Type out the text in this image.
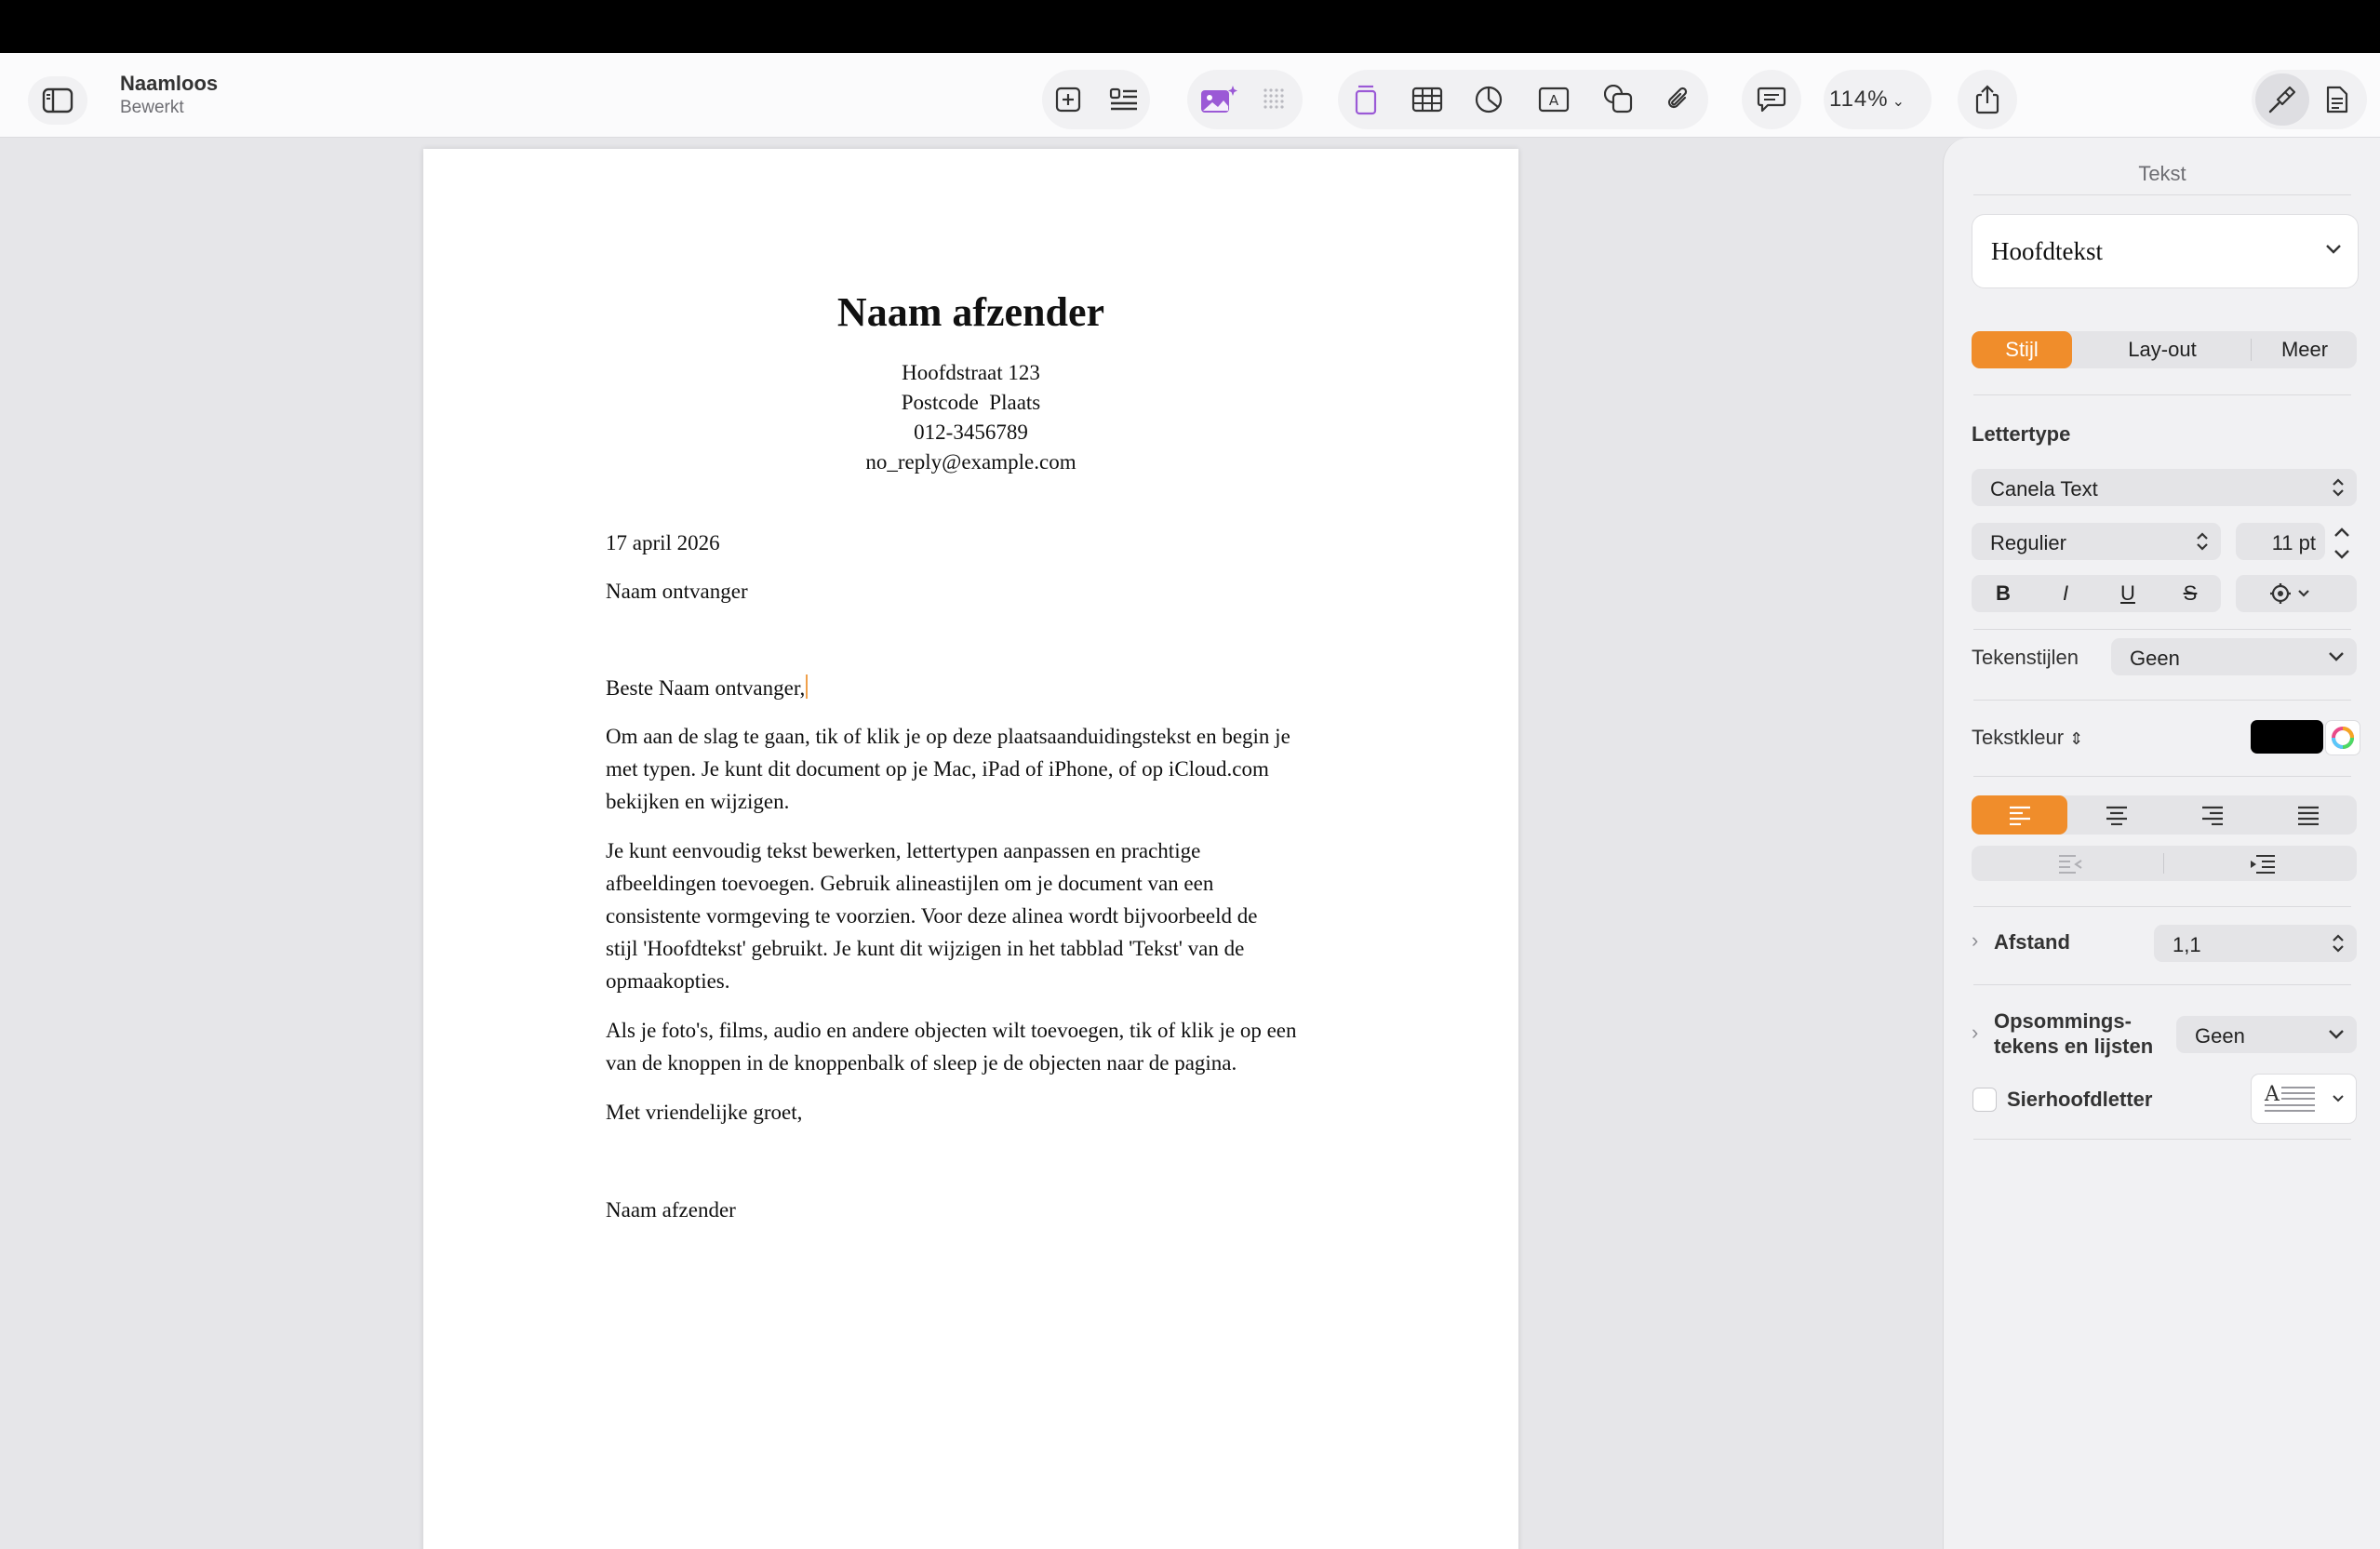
Naamloos
Bewerkt	A	114% ⌄
Naam afzender
Hoofdstraat 123
Postcode  Plaats
012-3456789
no_reply@example.com
17 april 2026
Naam ontvanger
Beste Naam ontvanger,
Om aan de slag te gaan, tik of klik je op deze plaatsaanduidingstekst en begin je
met typen. Je kunt dit document op je Mac, iPad of iPhone, of op iCloud.com
bekijken en wijzigen.
Je kunt eenvoudig tekst bewerken, lettertypen aanpassen en prachtige
afbeeldingen toevoegen. Gebruik alineastijlen om je document van een
consistente vormgeving te voorzien. Voor deze alinea wordt bijvoorbeeld de
stijl 'Hoofdtekst' gebruikt. Je kunt dit wijzigen in het tabblad 'Tekst' van de
opmaakopties.
Als je foto's, films, audio en andere objecten wilt toevoegen, tik of klik je op een
van de knoppen in de knoppenbalk of sleep je de objecten naar de pagina.
Met vriendelijke groet,
Naam afzender
Tekst
Hoofdtekst
Stijl	Lay-out	Meer
Lettertype
Canela Text
Regulier	11 pt
B	I	U	S
Tekenstijlen	Geen
Tekstkleur ⇕
› Afstand	1,1
› Opsommings-
tekens en lijsten Geen
Sierhoofdletter	A
